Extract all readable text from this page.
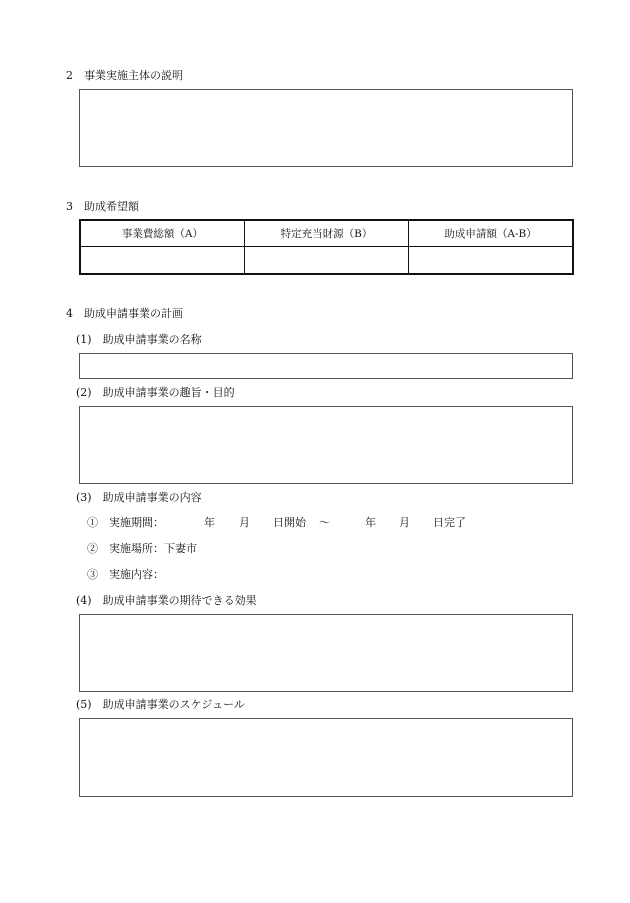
2　事業実施主体の説明
3　助成希望額
事業費総額（A）	特定充当財源（B）	助成申請額（A-B）

4　助成申請事業の計画
(1)　助成申請事業の名称
(2)　助成申請事業の趣旨・目的
(3)　助成申請事業の内容
①　実施期間：	年 月 日開始 ～	年 月 日完了
②　実施場所：下妻市
③　実施内容：
(4)　助成申請事業の期待できる効果
(5)　助成申請事業のスケジュール
